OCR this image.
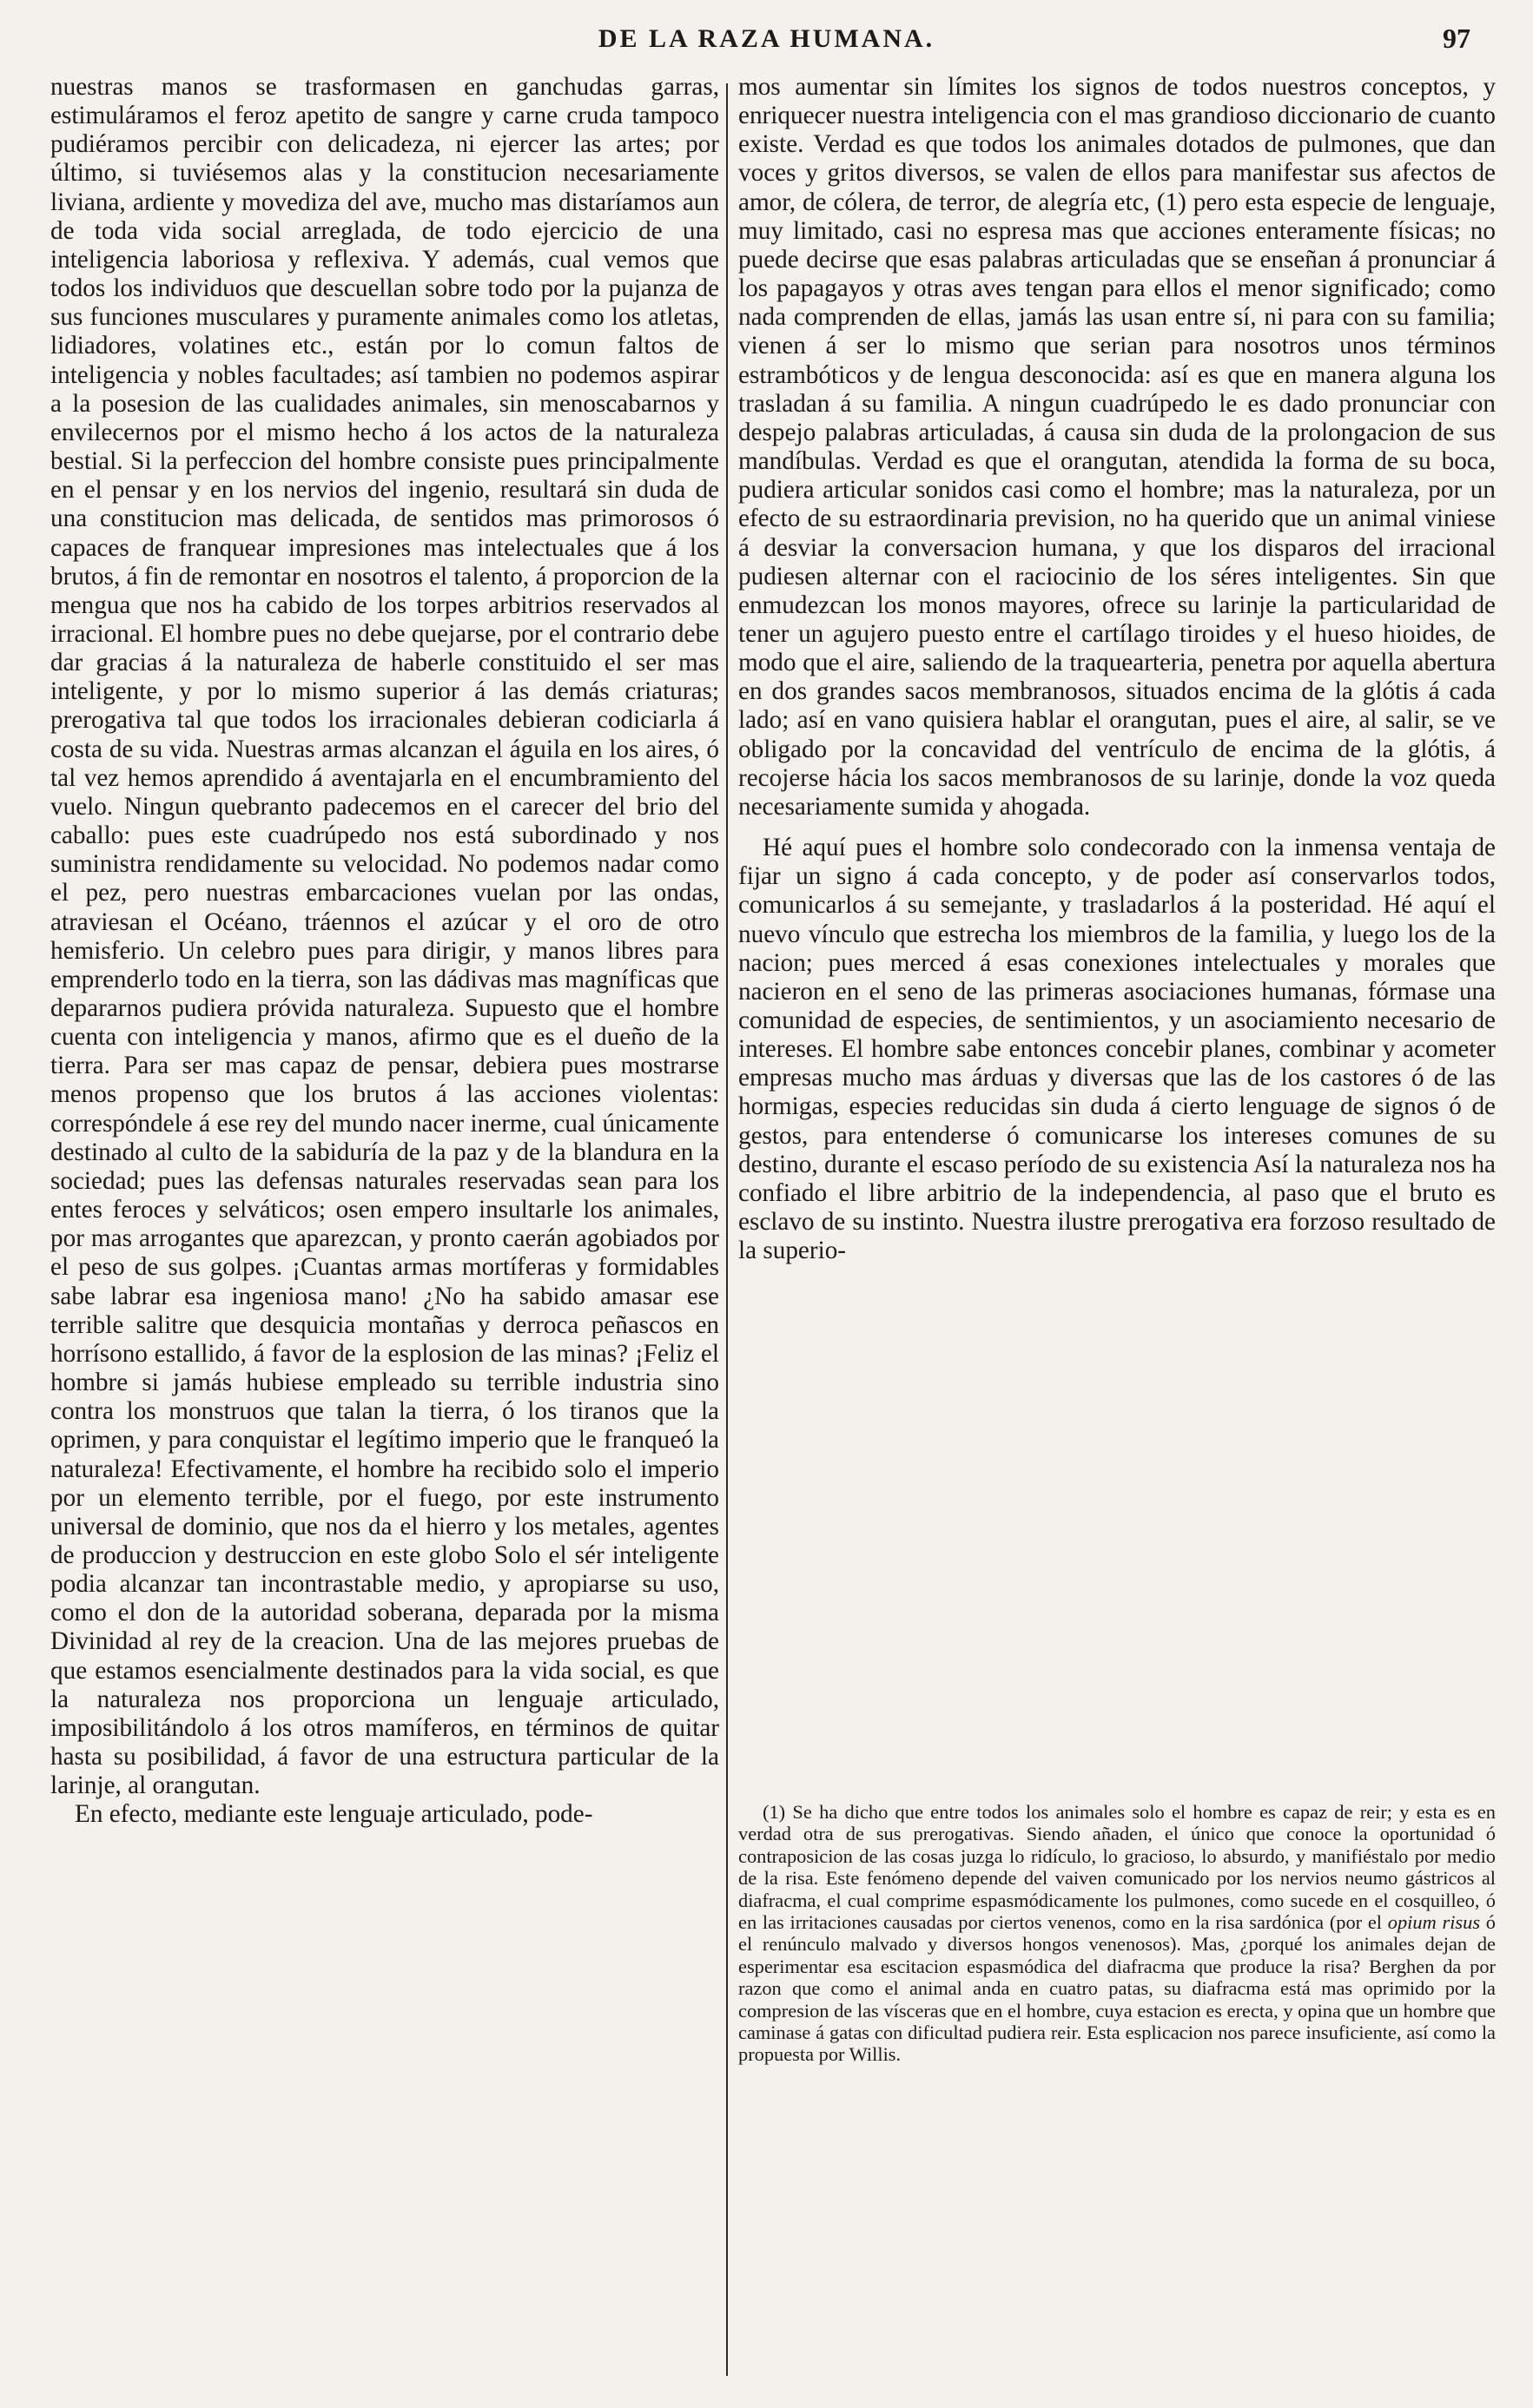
DE LA RAZA HUMANA.	97

nuestras manos se trasformasen en ganchudas garras, estimuláramos el feroz apetito de sangre y carne cruda tampoco pudiéramos percibir con delicadeza, ni ejercer las artes; por último, si tuviésemos alas y la constitucion necesariamente liviana, ardiente y movediza del ave, mucho mas distaríamos aun de toda vida social arreglada, de todo ejercicio de una inteligencia laboriosa y reflexiva. Y además, cual vemos que todos los individuos que descuellan sobre todo por la pujanza de sus funciones musculares y puramente animales como los atletas, lidiadores, volatines etc., están por lo comun faltos de inteligencia y nobles facultades; así tambien no podemos aspirar a la posesion de las cualidades animales, sin menoscabarnos y envilecernos por el mismo hecho á los actos de la naturaleza bestial. Si la perfeccion del hombre consiste pues principalmente en el pensar y en los nervios del ingenio, resultará sin duda de una constitucion mas delicada, de sentidos mas primorosos ó capaces de franquear impresiones mas intelectuales que á los brutos, á fin de remontar en nosotros el talento, á proporcion de la mengua que nos ha cabido de los torpes arbitrios reservados al irracional. El hombre pues no debe quejarse, por el contrario debe dar gracias á la naturaleza de haberle constituido el ser mas inteligente, y por lo mismo superior á las demás criaturas; prerogativa tal que todos los irracionales debieran codiciarla á costa de su vida. Nuestras armas alcanzan el águila en los aires, ó tal vez hemos aprendido á aventajarla en el encumbramiento del vuelo. Ningun quebranto padecemos en el carecer del brio del caballo: pues este cuadrúpedo nos está subordinado y nos suministra rendidamente su velocidad. No podemos nadar como el pez, pero nuestras embarcaciones vuelan por las ondas, atraviesan el Océano, tráennos el azúcar y el oro de otro hemisferio. Un celebro pues para dirigir, y manos libres para emprenderlo todo en la tierra, son las dádivas mas magníficas que depararnos pudiera próvida naturaleza. Supuesto que el hombre cuenta con inteligencia y manos, afirmo que es el dueño de la tierra. Para ser mas capaz de pensar, debiera pues mostrarse menos propenso que los brutos á las acciones violentas: correspóndele á ese rey del mundo nacer inerme, cual únicamente destinado al culto de la sabiduría de la paz y de la blandura en la sociedad; pues las defensas naturales reservadas sean para los entes feroces y selváticos; osen empero insultarle los animales, por mas arrogantes que aparezcan, y pronto caerán agobiados por el peso de sus golpes. ¡Cuantas armas mortíferas y formidables sabe labrar esa ingeniosa mano! ¿No ha sabido amasar ese terrible salitre que desquicia montañas y derroca peñascos en horrísono estallido, á favor de la esplosion de las minas? ¡Feliz el hombre si jamás hubiese empleado su terrible industria sino contra los monstruos que talan la tierra, ó los tiranos que la oprimen, y para conquistar el legítimo imperio que le franqueó la naturaleza! Efectivamente, el hombre ha recibido solo el imperio por un elemento terrible, por el fuego, por este instrumento universal de dominio, que nos da el hierro y los metales, agentes de produccion y destruccion en este globo Solo el sér inteligente podia alcanzar tan incontrastable medio, y apropiarse su uso, como el don de la autoridad soberana, deparada por la misma Divinidad al rey de la creacion. Una de las mejores pruebas de que estamos esencialmente destinados para la vida social, es que la naturaleza nos proporciona un lenguaje articulado, imposibilitándolo á los otros mamíferos, en términos de quitar hasta su posibilidad, á favor de una estructura particular de la larinje, al orangutan.

En efecto, mediante este lenguaje articulado, pode-

mos aumentar sin límites los signos de todos nuestros conceptos, y enriquecer nuestra inteligencia con el mas grandioso diccionario de cuanto existe. Verdad es que todos los animales dotados de pulmones, que dan voces y gritos diversos, se valen de ellos para manifestar sus afectos de amor, de cólera, de terror, de alegría etc, (1) pero esta especie de lenguaje, muy limitado, casi no espresa mas que acciones enteramente físicas; no puede decirse que esas palabras articuladas que se enseñan á pronunciar á los papagayos y otras aves tengan para ellos el menor significado; como nada comprenden de ellas, jamás las usan entre sí, ni para con su familia; vienen á ser lo mismo que serian para nosotros unos términos estrambóticos y de lengua desconocida: así es que en manera alguna los trasladan á su familia. A ningun cuadrúpedo le es dado pronunciar con despejo palabras articuladas, á causa sin duda de la prolongacion de sus mandíbulas. Verdad es que el orangutan, atendida la forma de su boca, pudiera articular sonidos casi como el hombre; mas la naturaleza, por un efecto de su estraordinaria prevision, no ha querido que un animal viniese á desviar la conversacion humana, y que los disparos del irracional pudiesen alternar con el raciocinio de los séres inteligentes. Sin que enmudezcan los monos mayores, ofrece su larinje la particularidad de tener un agujero puesto entre el cartílago tiroides y el hueso hioides, de modo que el aire, saliendo de la traquearteria, penetra por aquella abertura en dos grandes sacos membranosos, situados encima de la glótis á cada lado; así en vano quisiera hablar el orangutan, pues el aire, al salir, se ve obligado por la concavidad del ventrículo de encima de la glótis, á recojerse hácia los sacos membranosos de su larinje, donde la voz queda necesariamente sumida y ahogada.

Hé aquí pues el hombre solo condecorado con la inmensa ventaja de fijar un signo á cada concepto, y de poder así conservarlos todos, comunicarlos á su semejante, y trasladarlos á la posteridad. Hé aquí el nuevo vínculo que estrecha los miembros de la familia, y luego los de la nacion; pues merced á esas conexiones intelectuales y morales que nacieron en el seno de las primeras asociaciones humanas, fórmase una comunidad de especies, de sentimientos, y un asociamiento necesario de intereses. El hombre sabe entonces concebir planes, combinar y acometer empresas mucho mas árduas y diversas que las de los castores ó de las hormigas, especies reducidas sin duda á cierto lenguage de signos ó de gestos, para entenderse ó comunicarse los intereses comunes de su destino, durante el escaso período de su existencia Así la naturaleza nos ha confiado el libre arbitrio de la independencia, al paso que el bruto es esclavo de su instinto. Nuestra ilustre prerogativa era forzoso resultado de la superio-

(1) Se ha dicho que entre todos los animales solo el hombre es capaz de reir; y esta es en verdad otra de sus prerogativas. Siendo añaden, el único que conoce la oportunidad ó contraposicion de las cosas juzga lo ridículo, lo gracioso, lo absurdo, y manifiéstalo por medio de la risa. Este fenómeno depende del vaiven comunicado por los nervios neumo gástricos al diafracma, el cual comprime espasmódicamente los pulmones, como sucede en el cosquilleo, ó en las irritaciones causadas por ciertos venenos, como en la risa sardónica (por el opium risus ó el renúnculo malvado y diversos hongos venenosos). Mas, ¿porqué los animales dejan de esperimentar esa escitacion espasmódica del diafracma que produce la risa? Berghen da por razon que como el animal anda en cuatro patas, su diafracma está mas oprimido por la compresion de las vísceras que en el hombre, cuya estacion es erecta, y opina que un hombre que caminase á gatas con dificultad pudiera reir. Esta esplicacion nos parece insuficiente, así como la propuesta por Willis.
